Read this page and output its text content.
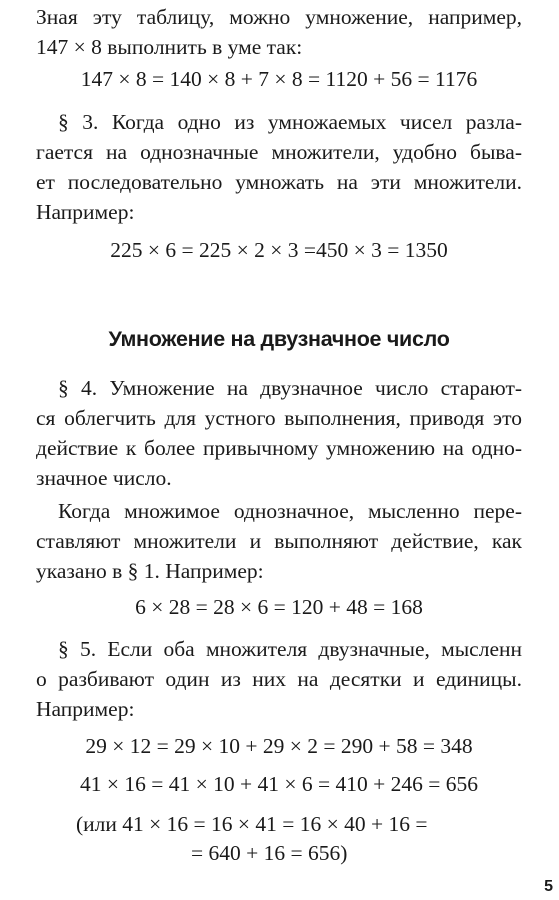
Зная эту таблицу, можно умножение, например,

147 × 8 выполнить в уме так:

147 × 8 = 140 × 8 + 7 × 8 = 1120 + 56 = 1176

§ 3. Когда одно из умножаемых чисел разла-

гается на однозначные множители, удобно быва-

ет последовательно умножать на эти множители.

Например:

225 × 6 = 225 × 2 × 3 =450 × 3 = 1350

Умножение на двузначное число

§ 4. Умножение на двузначное число старают-

ся облегчить для устного выполнения, приводя это

действие к более привычному умножению на одно-

значное число.

Когда множимое однозначное, мысленно пере-

ставляют множители и выполняют действие, как

указано в § 1. Например:

6 × 28 = 28 × 6 = 120 + 48 = 168

§ 5. Если оба множителя двузначные, мысленн

о разбивают один из них на десятки и единицы.

Например:

29 × 12 = 29 × 10 + 29 × 2 = 290 + 58 = 348

41 × 16 = 41 × 10 + 41 × 6 = 410 + 246 = 656

(или 41 × 16 = 16 × 41 = 16 × 40 + 16 =

= 640 + 16 = 656)

5
